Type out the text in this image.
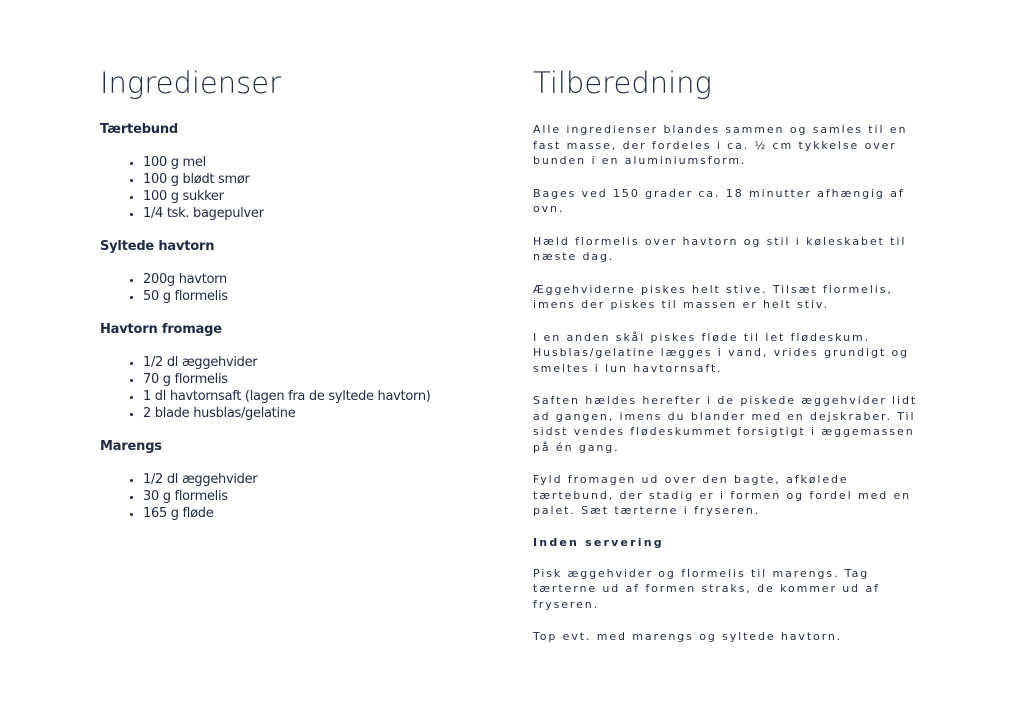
Ingredienser
Tærtebund
• 100 g mel
• 100 g blødt smør
• 100 g sukker
• 1/4 tsk. bagepulver
Syltede havtorn
• 200g havtorn
• 50 g flormelis
Havtorn fromage
• 1/2 dl æggehvider
• 70 g flormelis
• 1 dl havtornsaft (lagen fra de syltede havtorn)
• 2 blade husblas/gelatine
Marengs
• 1/2 dl æggehvider
• 30 g flormelis
• 165 g fløde
Tilberedning

Alle ingredienser blandes sammen og samles til en fast masse, der fordeles i ca. ½ cm tykkelse over bunden i en aluminiumsform.

Bages ved 150 grader ca. 18 minutter afhængig af ovn.

Hæld flormelis over havtorn og stil i køleskabet til næste dag.

Æggehviderne piskes helt stive. Tilsæt flormelis, imens der piskes til massen er helt stiv.

I en anden skål piskes fløde til let flødeskum. Husblas/gelatine lægges i vand, vrides grundigt og smeltes i lun havtornsaft.

Saften hældes herefter i de piskede æggehvider lidt ad gangen, imens du blander med en dejskraber. Til sidst vendes flødeskummet forsigtigt i æggemassen på én gang.

Fyld fromagen ud over den bagte, afkølede tærtebund, der stadig er i formen og fordel med en palet. Sæt tærterne i fryseren.

Inden servering

Pisk æggehvider og flormelis til marengs. Tag tærterne ud af formen straks, de kommer ud af fryseren.

Top evt. med marengs og syltede havtorn.
